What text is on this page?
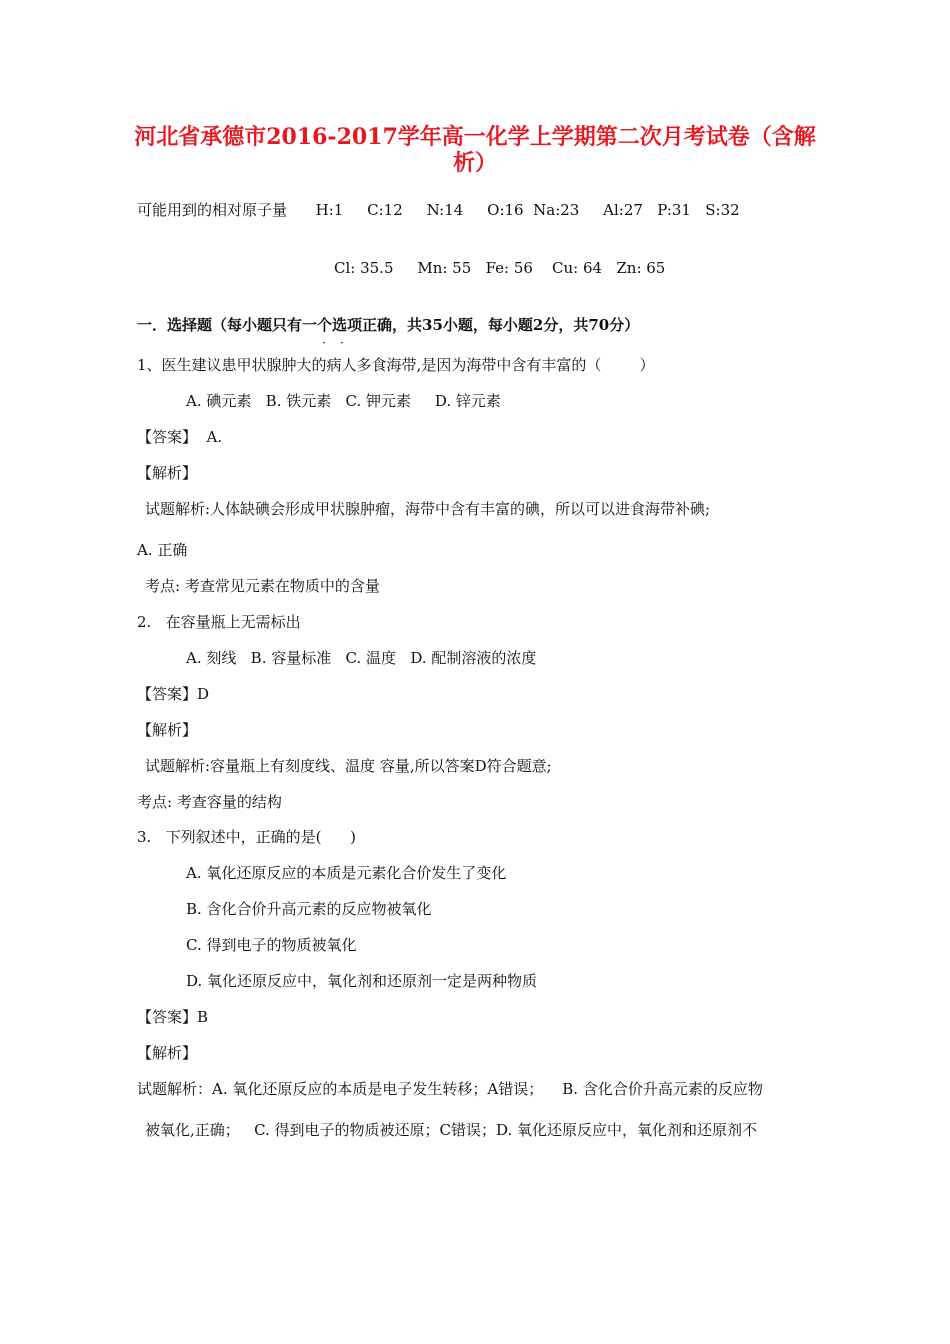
河北省承德市2016-2017学年高一化学上学期第二次月考试卷（含解
析）
可能用到的相对原子量      H:1     C:12     N:14     O:16  Na:23     Al:27   P:31   S:32
Cl: 35.5     Mn: 55   Fe: 56    Cu: 64   Zn: 65
一．选择题（每小题只有一个选项正确，共35小题，每小题2分，共70分）
· ·
1、医生建议患甲状腺肿大的病人多食海带,是因为海带中含有丰富的（        ）
A. 碘元素   B. 铁元素   C. 钾元素     D. 锌元素
【答案】  A.
【解析】
试题解析:人体缺碘会形成甲状腺肿瘤，海带中含有丰富的碘，所以可以进食海带补碘;
A. 正确
考点: 考查常见元素在物质中的含量
2.   在容量瓶上无需标出
A. 刻线   B. 容量标准   C. 温度   D. 配制溶液的浓度
【答案】D
【解析】
试题解析:容量瓶上有刻度线、温度 容量,所以答案D符合题意;
考点: 考查容量的结构
3.   下列叙述中，正确的是(      )
A. 氧化还原反应的本质是元素化合价发生了变化
B. 含化合价升高元素的反应物被氧化
C. 得到电子的物质被氧化
D. 氧化还原反应中，氧化剂和还原剂一定是两种物质
【答案】B
【解析】
试题解析：A. 氧化还原反应的本质是电子发生转移；A错误；    B. 含化合价升高元素的反应物
被氧化,正确；   C. 得到电子的物质被还原；C错误；D. 氧化还原反应中，氧化剂和还原剂不
